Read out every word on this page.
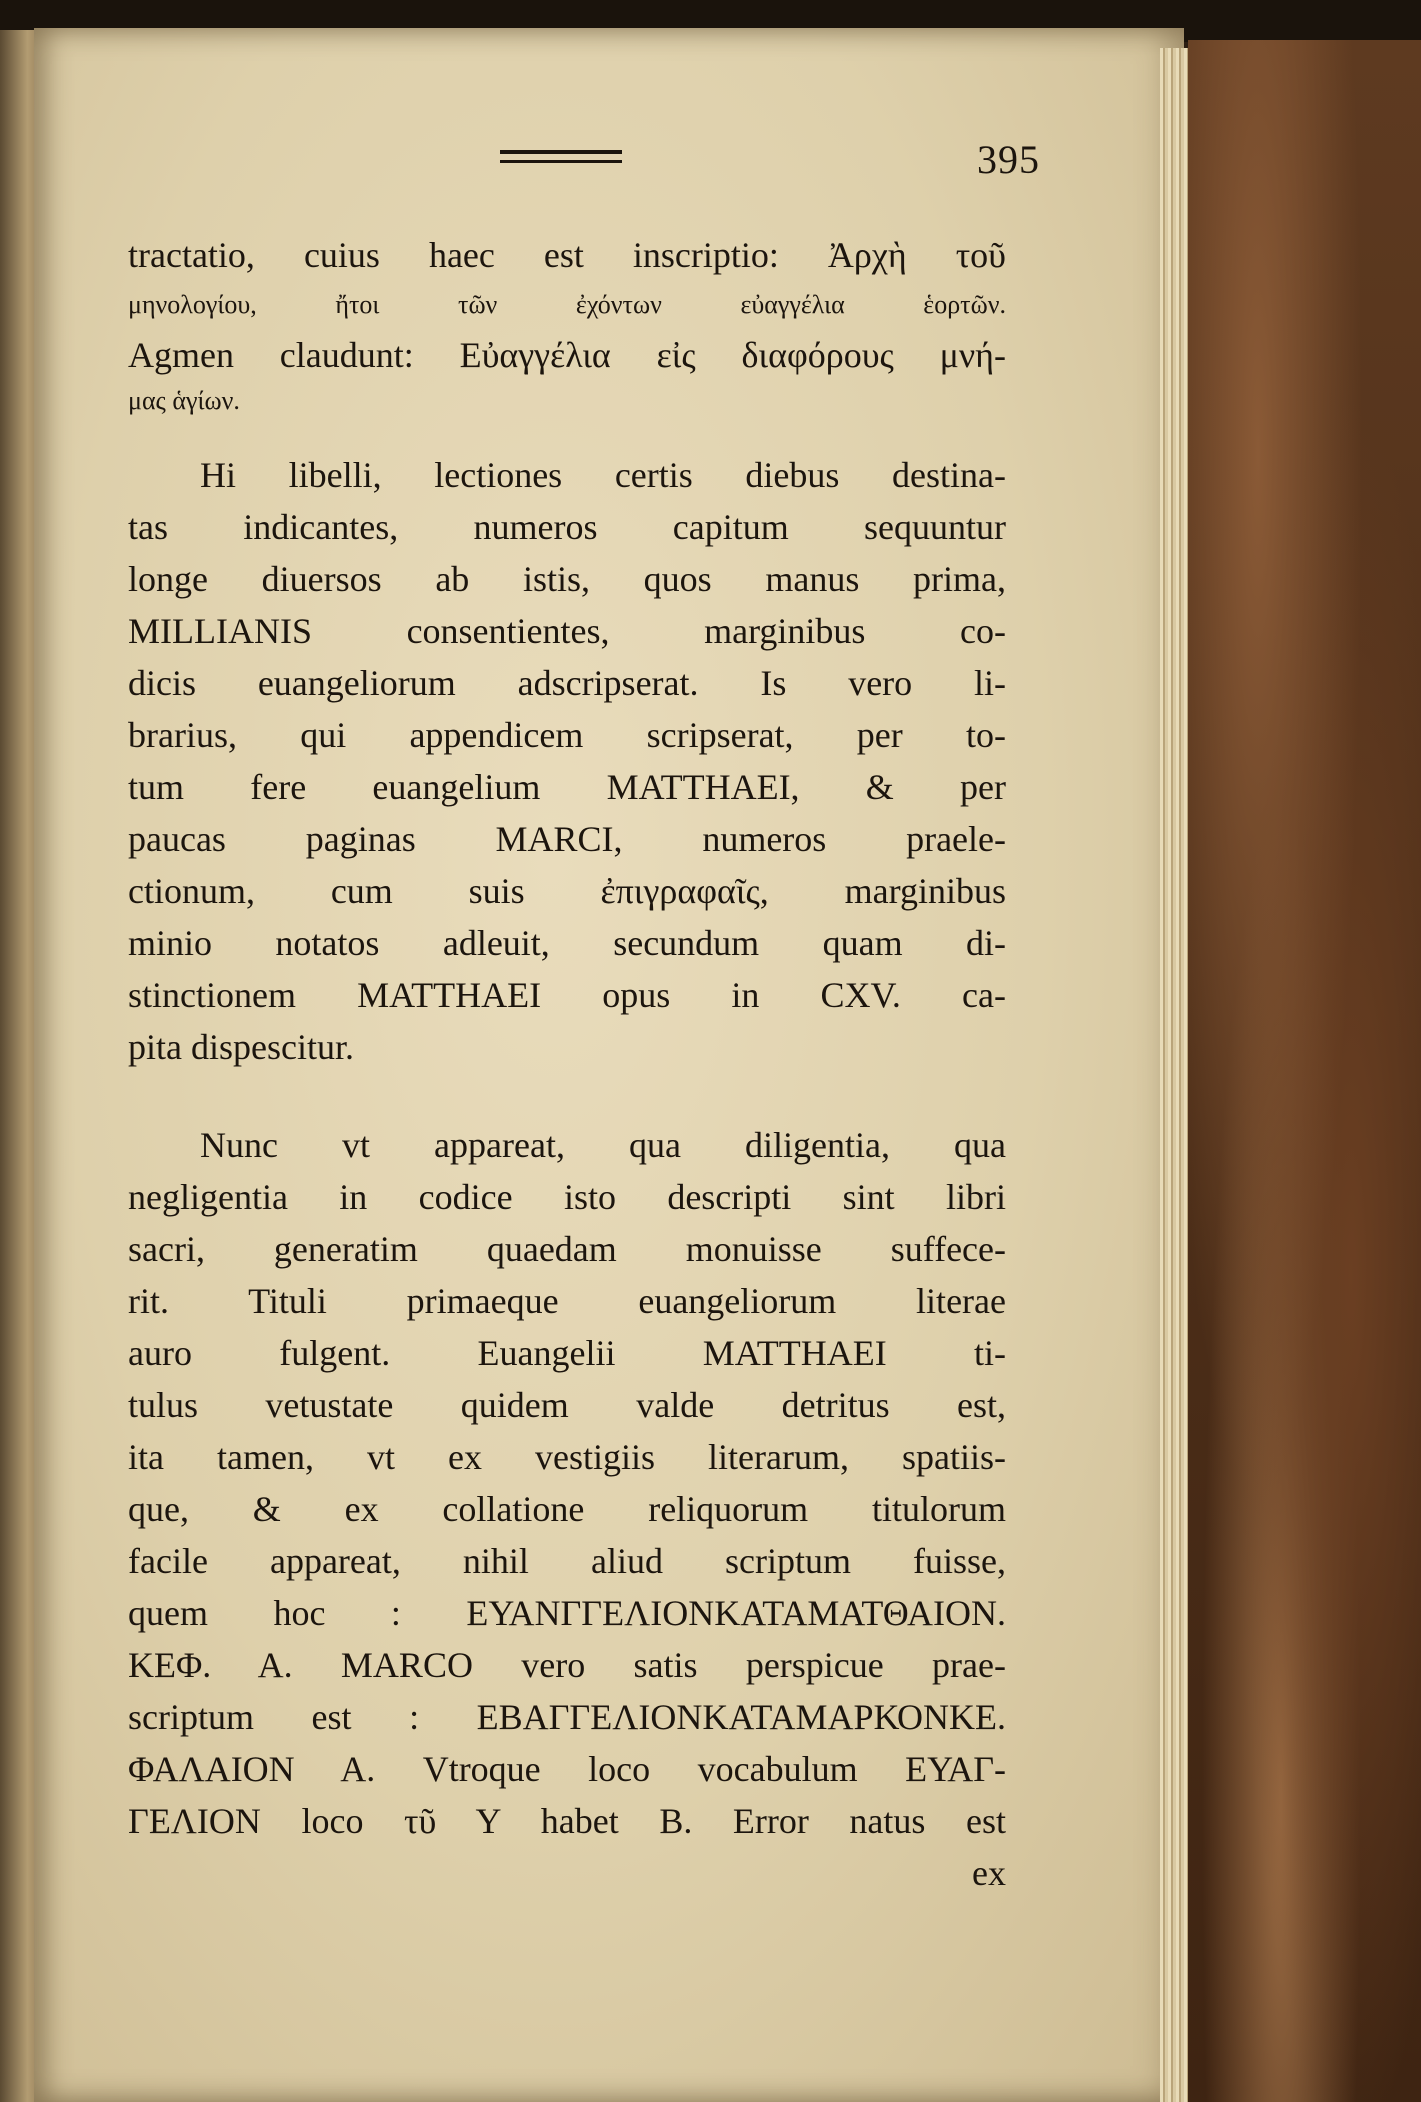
395
tractatio, cuius haec est inscriptio: Ἀρχὴ τοῦ
μηνολογίου, ἤτοι τῶν ἐχόντων εὐαγγέλια ἑορτῶν.
Agmen claudunt: Εὐαγγέλια εἰς διαφόρους μνή-
μας ἁγίων.
Hi libelli, lectiones certis diebus destina-
tas indicantes, numeros capitum sequuntur
longe diuersos ab istis, quos manus prima,
MILLIANIS consentientes, marginibus co-
dicis euangeliorum adscripserat. Is vero li-
brarius, qui appendicem scripserat, per to-
tum fere euangelium MATTHAEI, & per
paucas paginas MARCI, numeros praele-
ctionum, cum suis ἐπιγραφαῖς, marginibus
minio notatos adleuit, secundum quam di-
stinctionem MATTHAEI opus in CXV. ca-
pita dispescitur.
Nunc vt appareat, qua diligentia, qua
negligentia in codice isto descripti sint libri
sacri, generatim quaedam monuisse suffece-
rit. Tituli primaeque euangeliorum literae
auro fulgent. Euangelii MATTHAEI ti-
tulus vetustate quidem valde detritus est,
ita tamen, vt ex vestigiis literarum, spatiis-
que, & ex collatione reliquorum titulorum
facile appareat, nihil aliud scriptum fuisse,
quem hoc : ΕΥΑΝΓΓΕΛΙΟΝΚΑΤΑΜΑΤΘΑΙΟΝ.
ΚΕΦ. Α. MARCO vero satis perspicue prae-
scriptum est : ΕΒΑΓΓΕΛΙΟΝΚΑΤΑΜΑΡΚΟΝΚΕ.
ΦΑΛΑΙΟΝ Α. Vtroque loco vocabulum ΕΥΑΓ-
ΓΕΛΙΟΝ loco τῦ Υ habet Β. Error natus est
ex
